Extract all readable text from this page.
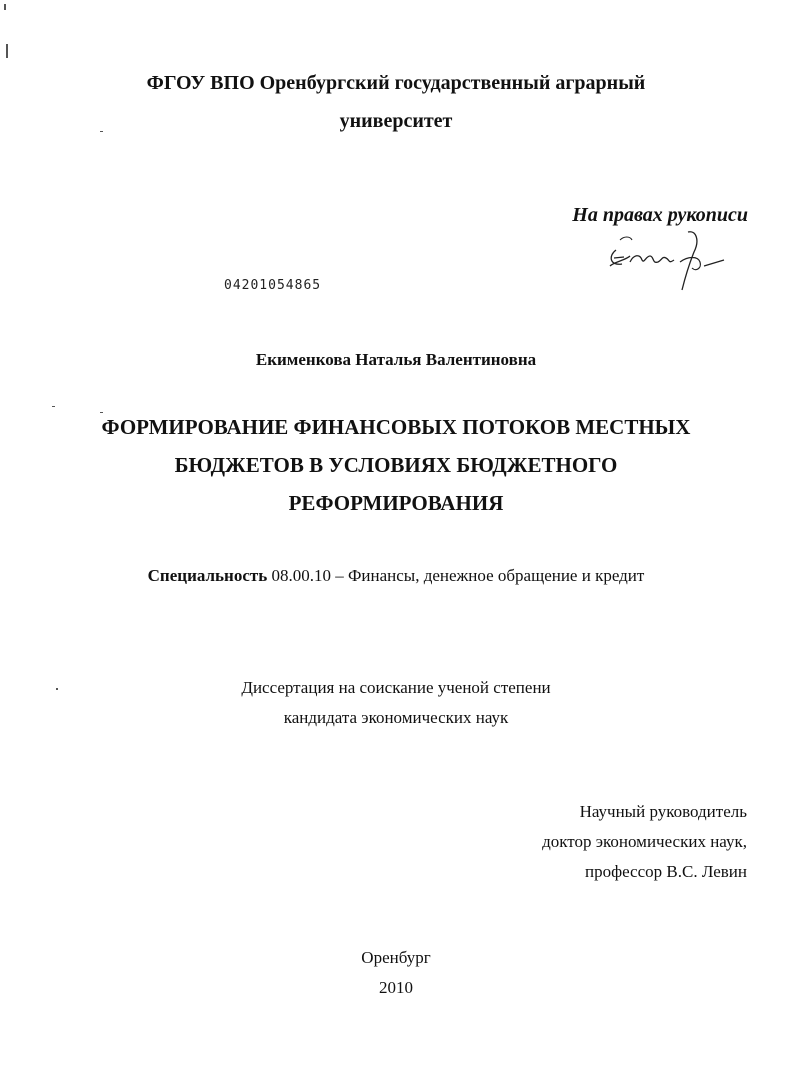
ФГОУ ВПО Оренбургский государственный аграрный
университет
На правах рукописи
04201054865
Екименкова Наталья Валентиновна
ФОРМИРОВАНИЕ ФИНАНСОВЫХ ПОТОКОВ МЕСТНЫХ
БЮДЖЕТОВ В УСЛОВИЯХ БЮДЖЕТНОГО
РЕФОРМИРОВАНИЯ
Специальность 08.00.10 – Финансы, денежное обращение и кредит
Диссертация на соискание ученой степени
кандидата экономических наук
Научный руководитель
доктор экономических наук,
профессор В.С. Левин
Оренбург
2010
